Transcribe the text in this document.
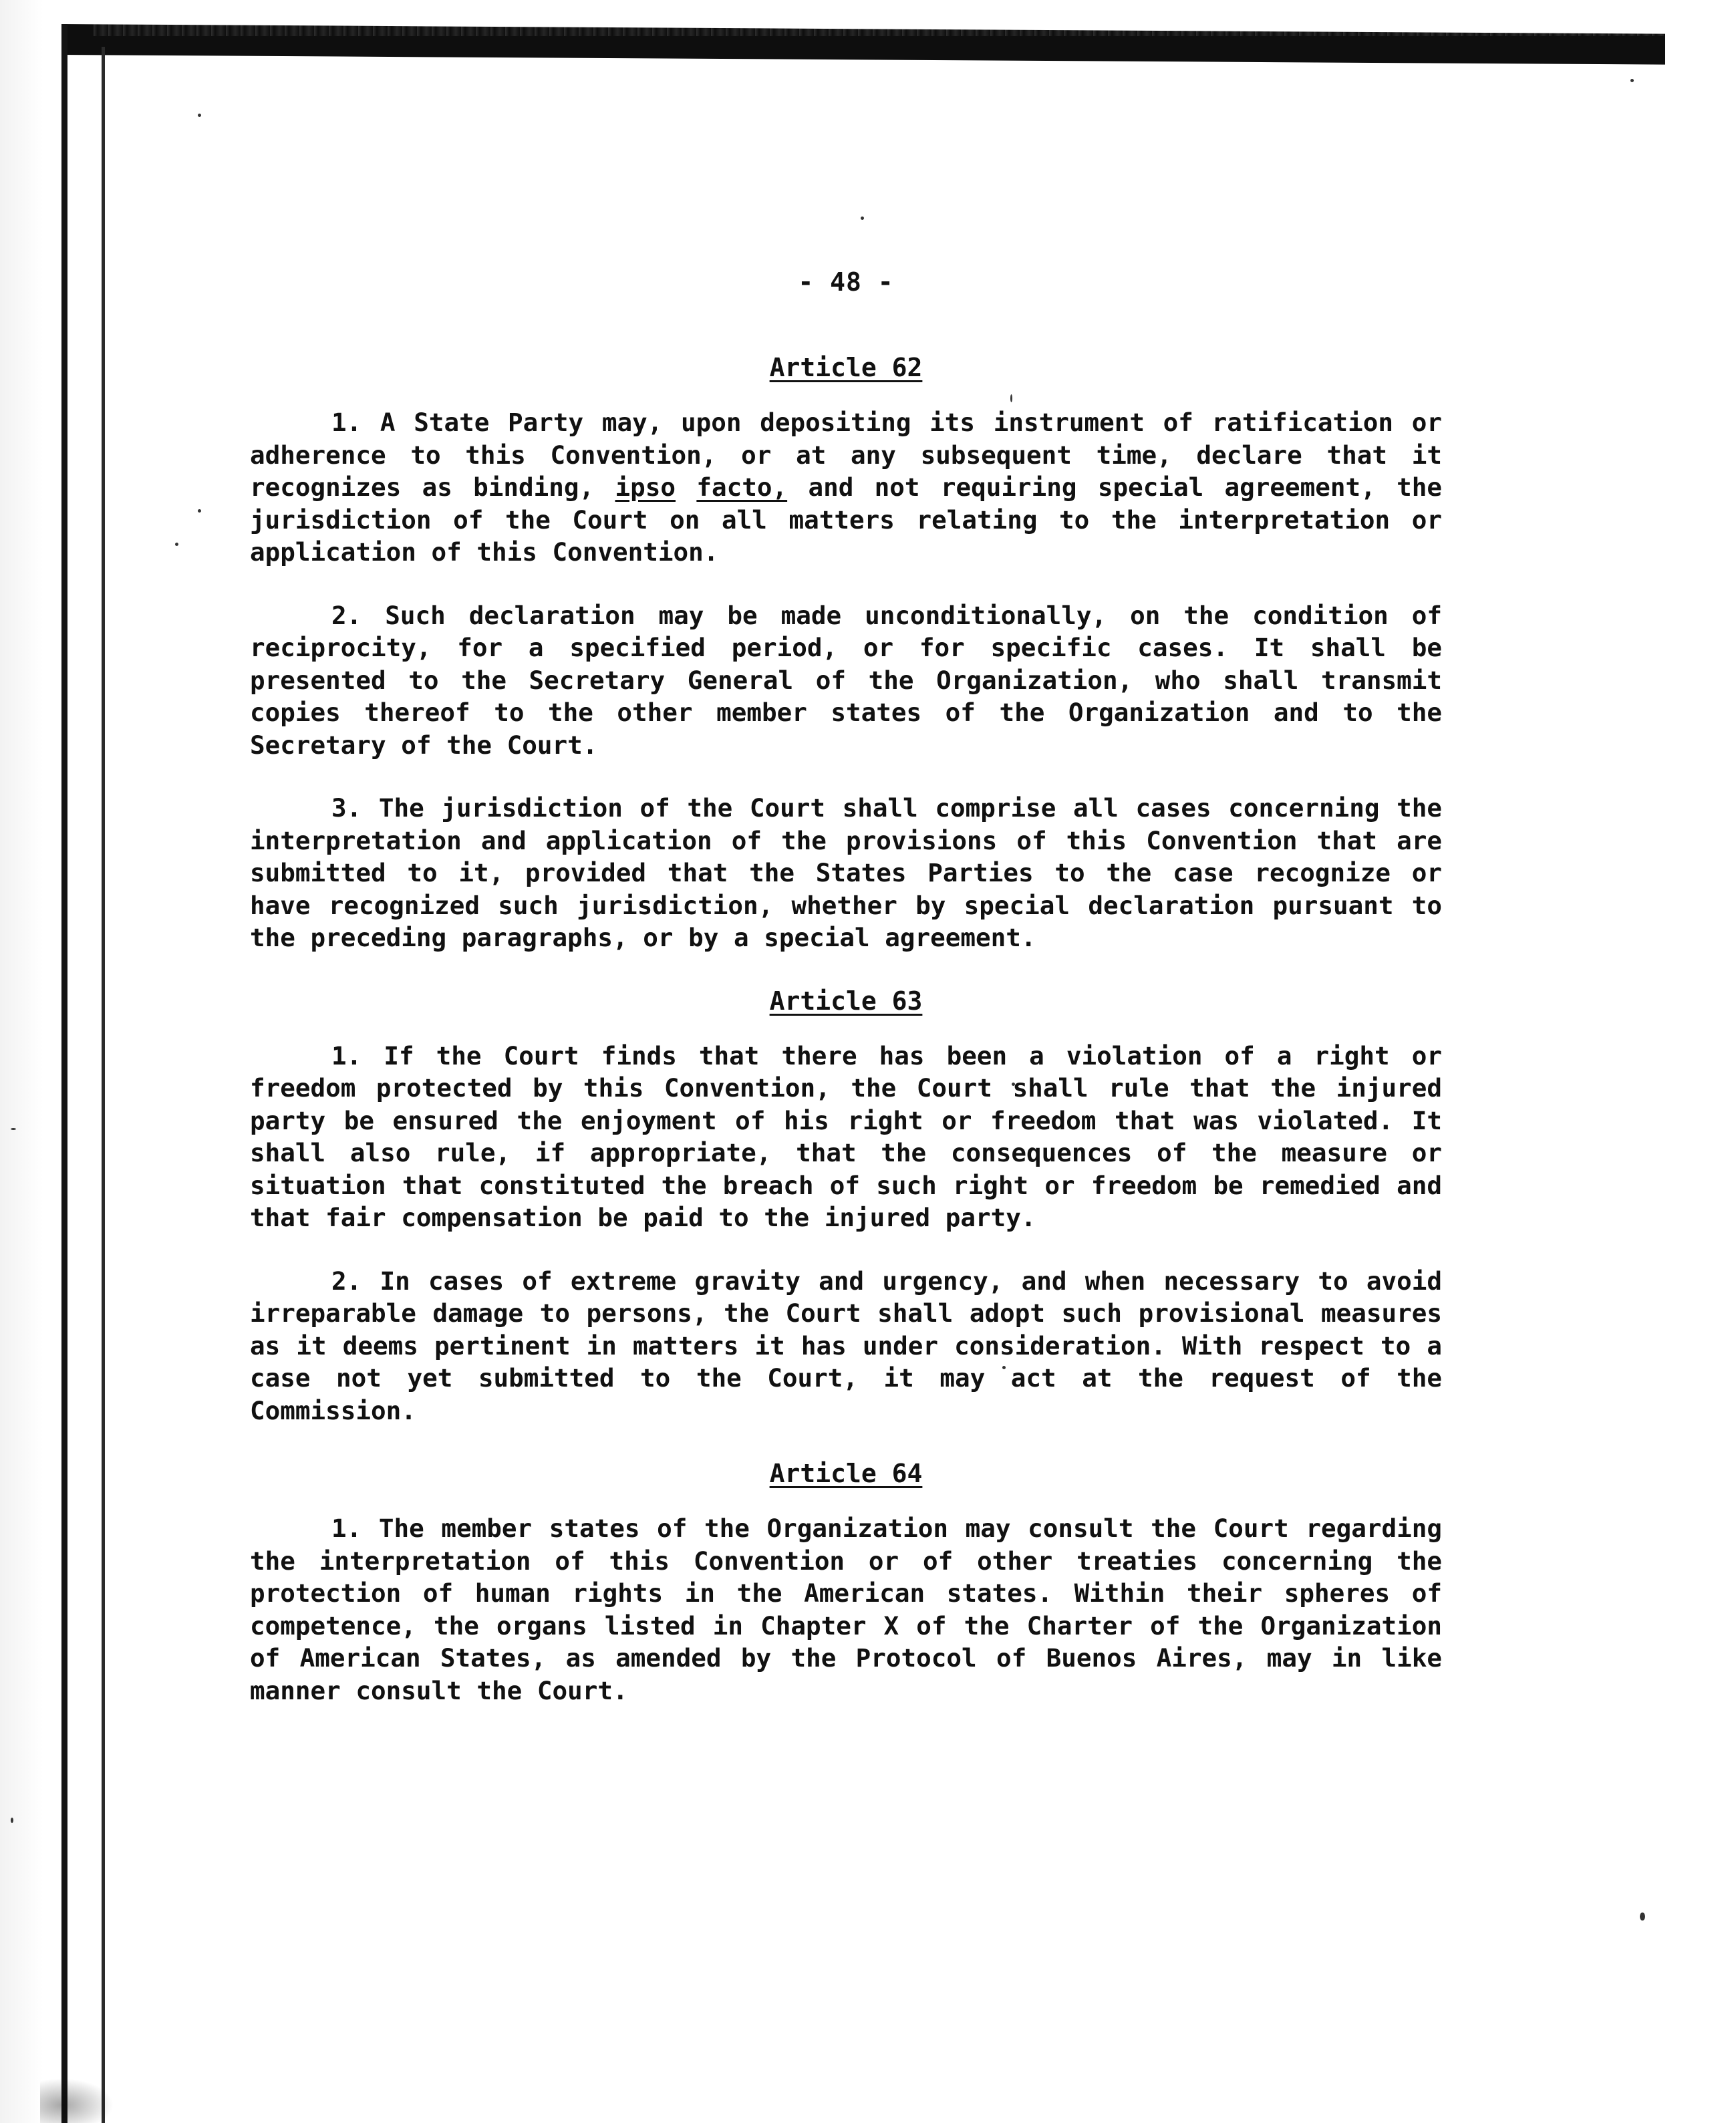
- 48 -
Article 62

1. A State Party may, upon depositing its instrument of ratification or adherence to this Convention, or at any subsequent time, declare that it recognizes as binding, ipso facto, and not requiring special agreement, the jurisdiction of the Court on all matters relating to the interpretation or application of this Convention.

2. Such declaration may be made unconditionally, on the condition of reciprocity, for a specified period, or for specific cases. It shall be presented to the Secretary General of the Organization, who shall transmit copies thereof to the other member states of the Organization and to the Secretary of the Court.

3. The jurisdiction of the Court shall comprise all cases concerning the interpretation and application of the provisions of this Convention that are submitted to it, provided that the States Parties to the case recognize or have recognized such jurisdiction, whether by special declaration pursuant to the preceding paragraphs, or by a special agreement.

Article 63

1. If the Court finds that there has been a violation of a right or freedom protected by this Convention, the Court shall rule that the injured party be ensured the enjoyment of his right or freedom that was violated. It shall also rule, if appropriate, that the consequences of the measure or situation that constituted the breach of such right or freedom be remedied and that fair compensation be paid to the injured party.

2. In cases of extreme gravity and urgency, and when necessary to avoid irreparable damage to persons, the Court shall adopt such provisional measures as it deems pertinent in matters it has under consideration. With respect to a case not yet submitted to the Court, it may act at the request of the Commission.

Article 64

1. The member states of the Organization may consult the Court regarding the interpretation of this Convention or of other treaties concerning the protection of human rights in the American states. Within their spheres of competence, the organs listed in Chapter X of the Charter of the Organization of American States, as amended by the Protocol of Buenos Aires, may in like manner consult the Court.
